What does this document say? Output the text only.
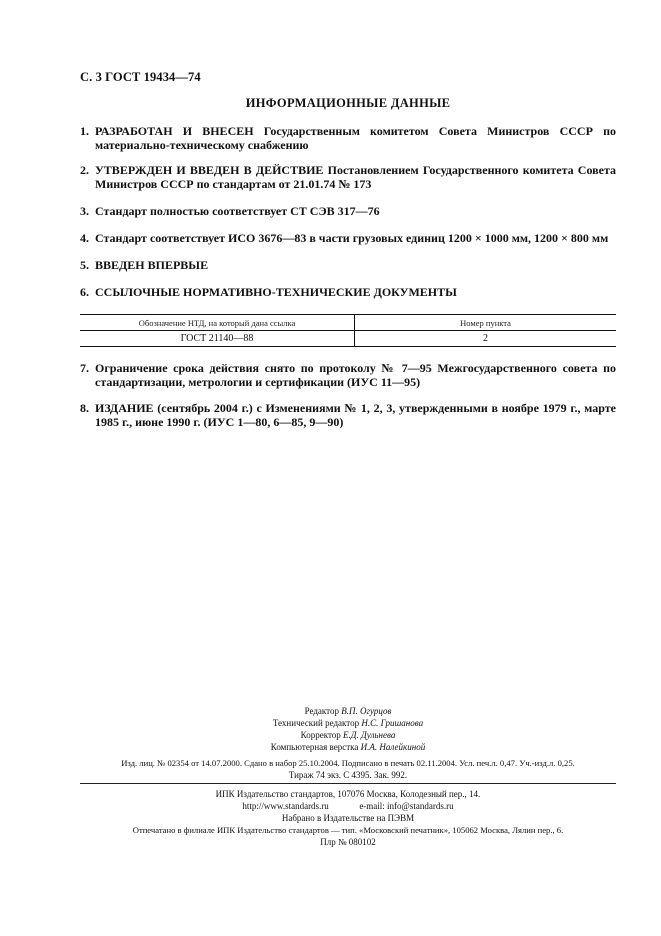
С. 3 ГОСТ 19434—74
ИНФОРМАЦИОННЫЕ ДАННЫЕ
1. РАЗРАБОТАН И ВНЕСЕН Государственным комитетом Совета Министров СССР по материально-техническому снабжению
2. УТВЕРЖДЕН И ВВЕДЕН В ДЕЙСТВИЕ Постановлением Государственного комитета Совета Министров СССР по стандартам от 21.01.74 № 173
3. Стандарт полностью соответствует СТ СЭВ 317—76
4. Стандарт соответствует ИСО 3676—83 в части грузовых единиц 1200 × 1000 мм, 1200 × 800 мм
5. ВВЕДЕН ВПЕРВЫЕ
6. ССЫЛОЧНЫЕ НОРМАТИВНО-ТЕХНИЧЕСКИЕ ДОКУМЕНТЫ
Обозначение НТД, на который дана ссылка	Номер пункта
ГОСТ 21140—88	2
7. Ограничение срока действия снято по протоколу № 7—95 Межгосударственного совета по стандартизации, метрологии и сертификации (ИУС 11—95)
8. ИЗДАНИЕ (сентябрь 2004 г.) с Изменениями № 1, 2, 3, утвержденными в ноябре 1979 г., марте 1985 г., июне 1990 г. (ИУС 1—80, 6—85, 9—90)
Редактор В.П. Огурцов
Технический редактор Н.С. Гришанова
Корректор Е.Д. Дульнева
Компьютерная верстка И.А. Налейкиной
Изд. лиц. № 02354 от 14.07.2000. Сдано в набор 25.10.2004. Подписано в печать 02.11.2004. Усл. печ.л. 0,47. Уч.-изд.л. 0,25.
Тираж 74 экз. С 4395. Зак. 992.
ИПК Издательство стандартов, 107076 Москва, Колодезный пер., 14.
http://www.standards.ru	e-mail: info@standards.ru
Набрано в Издательстве на ПЭВМ
Отпечатано в филиале ИПК Издательство стандартов — тип. «Московский печатник», 105062 Москва, Лялин пер., 6.
Плр № 080102
